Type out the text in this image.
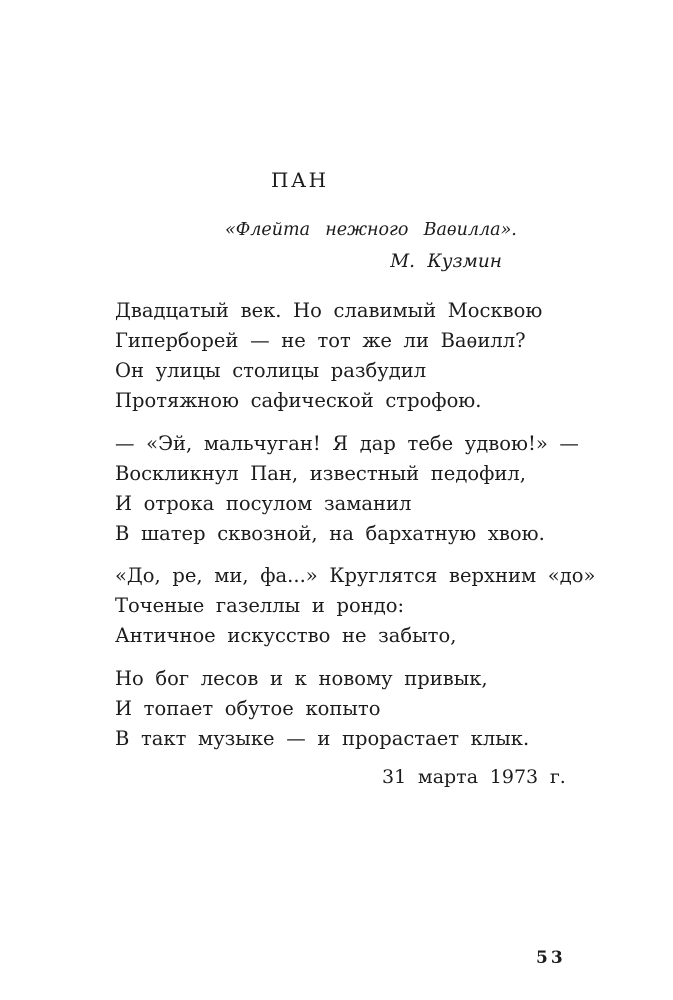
ПАН
«Флейта нежного Ваѳилла».
М. Кузмин
Двадцатый век. Но славимый Москвою
Гиперборей — не тот же ли Ваѳилл?
Он улицы столицы разбудил
Протяжною сафической строфою.
— «Эй, мальчуган! Я дар тебе удвою!» —
Воскликнул Пан, известный педофил,
И отрока посулом заманил
В шатер сквозной, на бархатную хвою.
«До, ре, ми, фа...» Круглятся верхним «до»
Точеные газеллы и рондо:
Античное искусство не забыто,
Но бог лесов и к новому привык,
И топает обутое копыто
В такт музыке — и прорастает клык.
31 марта 1973 г.
53
